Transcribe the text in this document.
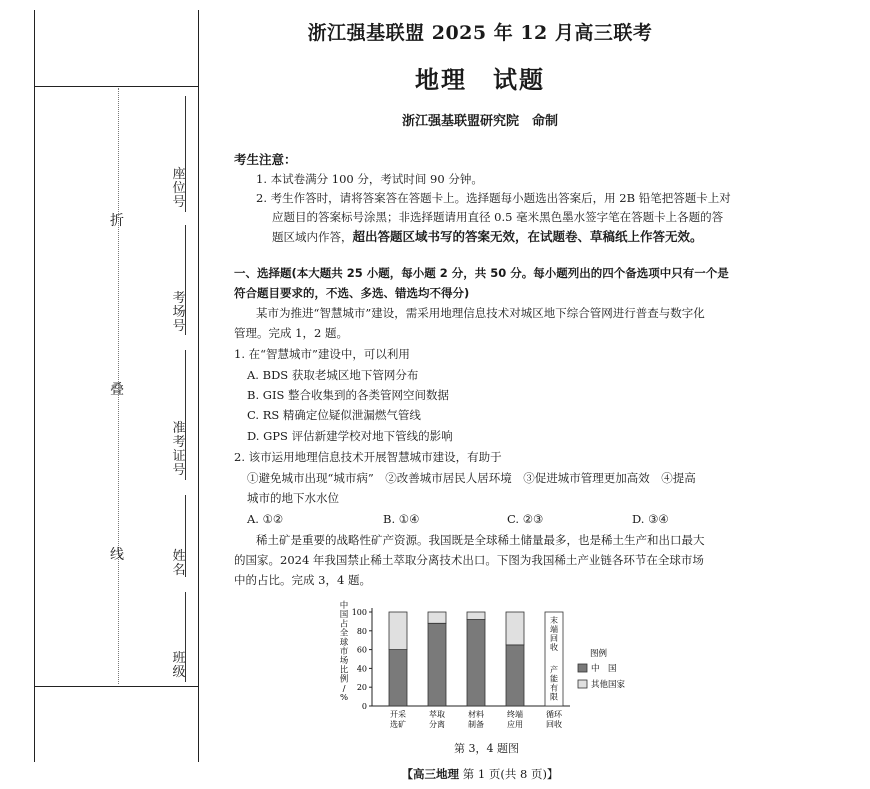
折
叠
线
座位号
考场号
准考证号
姓名
班级
浙江强基联盟 2025 年 12 月高三联考
地理　试题
浙江强基联盟研究院　命制
考生注意：
1. 本试卷满分 100 分，考试时间 90 分钟。
2. 考生作答时，请将答案答在答题卡上。选择题每小题选出答案后，用 2B 铅笔把答题卡上对
应题目的答案标号涂黑；非选择题请用直径 0.5 毫米黑色墨水签字笔在答题卡上各题的答
题区域内作答，超出答题区域书写的答案无效，在试题卷、草稿纸上作答无效。
一、选择题(本大题共 25 小题，每小题 2 分，共 50 分。每小题列出的四个备选项中只有一个是
符合题目要求的，不选、多选、错选均不得分)
某市为推进“智慧城市”建设，需采用地理信息技术对城区地下综合管网进行普查与数字化
管理。完成 1，2 题。
1. 在“智慧城市”建设中，可以利用
A. BDS 获取老城区地下管网分布
B. GIS 整合收集到的各类管网空间数据
C. RS 精确定位疑似泄漏燃气管线
D. GPS 评估新建学校对地下管线的影响
2. 该市运用地理信息技术开展智慧城市建设，有助于
①避免城市出现“城市病”　②改善城市居民人居环境　③促进城市管理更加高效　④提高
城市的地下水水位
A. ①②	B. ①④	C. ②③	D. ③④
稀土矿是重要的战略性矿产资源。我国既是全球稀土储量最多，也是稀土生产和出口最大
的国家。2024 年我国禁止稀土萃取分离技术出口。下图为我国稀土产业链各环节在全球市场
中的占比。完成 3，4 题。
中
国
占
全
球
市
场
比
例
/
%
0
20
40
60
80
100
末
端
回
收
产
能
有
限
开采
选矿
萃取
分离
材料
制备
终端
应用
循环
回收
图例
中　国
其他国家
第 3，4 题图
【高三地理 第 1 页(共 8 页)】
